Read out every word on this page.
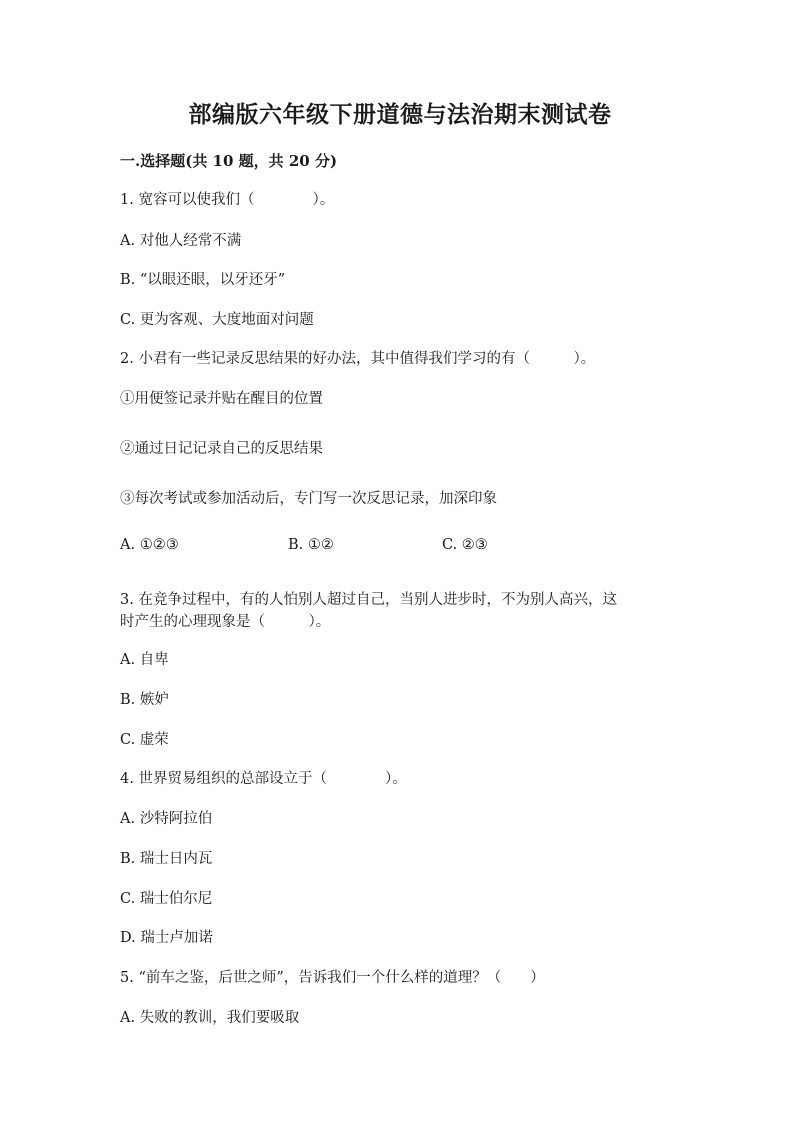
部编版六年级下册道德与法治期末测试卷
一.选择题(共 10 题，共 20 分)
1. 宽容可以使我们（　　　　）。
A. 对他人经常不满
B. “以眼还眼，以牙还牙”
C. 更为客观、大度地面对问题
2. 小君有一些记录反思结果的好办法，其中值得我们学习的有（　　　）。
①用便签记录并贴在醒目的位置
②通过日记记录自己的反思结果
③每次考试或参加活动后，专门写一次反思记录，加深印象
A. ①②③	B. ①②	C. ②③
3. 在竞争过程中，有的人怕别人超过自己，当别人进步时，不为别人高兴，这
时产生的心理现象是（　　　）。
A. 自卑
B. 嫉妒
C. 虚荣
4. 世界贸易组织的总部设立于（　　　　）。
A. 沙特阿拉伯
B. 瑞士日内瓦
C. 瑞士伯尔尼
D. 瑞士卢加诺
5. “前车之鉴，后世之师”，告诉我们一个什么样的道理？（　　）
A. 失败的教训，我们要吸取
